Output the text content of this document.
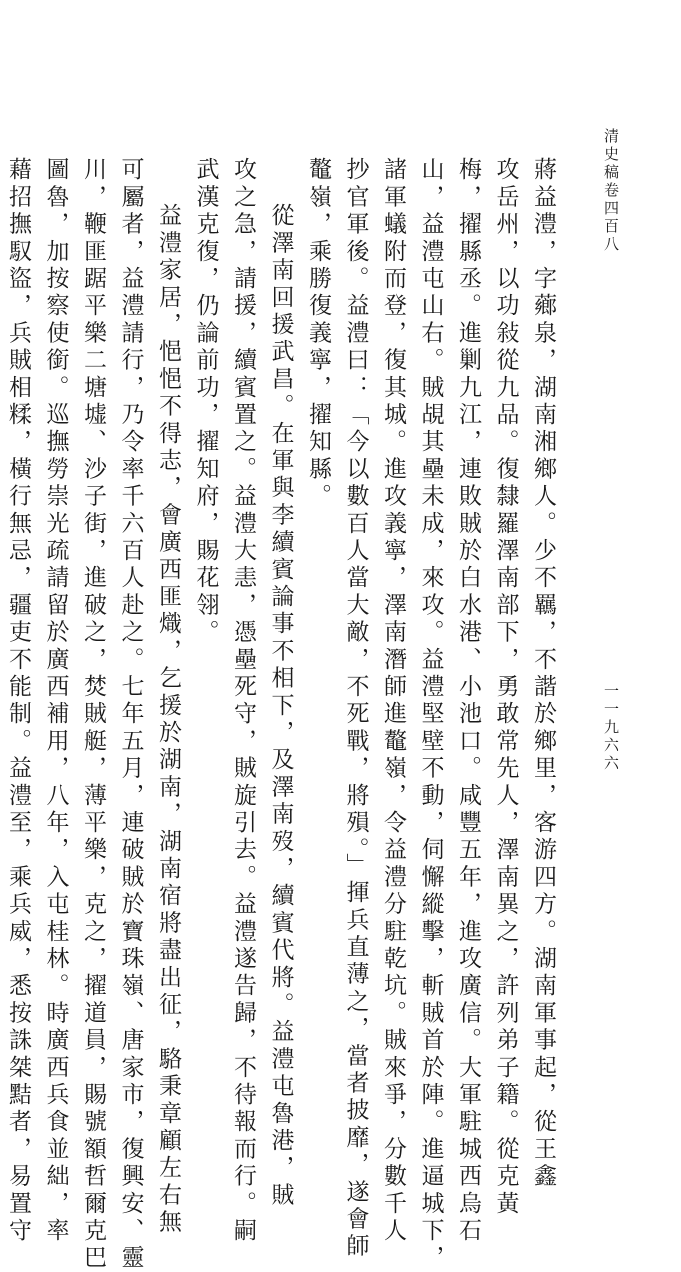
清史稿卷四百八
一一九六六
蔣益澧，字薌泉，湖南湘鄉人。少不羈，不諧於鄉里，客游四方。湖南軍事起，從王鑫
攻岳州，以功敍從九品。復隸羅澤南部下，勇敢常先人，澤南異之，許列弟子籍。從克黃
梅，擢縣丞。進剿九江，連敗賊於白水港、小池口。咸豐五年，進攻廣信。大軍駐城西烏石
山，益澧屯山右。賊覘其壘未成，來攻。益澧堅壁不動，伺懈縱擊，斬賊首於陣。進逼城下，
諸軍蟻附而登，復其城。進攻義寧，澤南潛師進鼇嶺，令益澧分駐乾坑。賊來爭，分數千人
抄官軍後。益澧曰：「今以數百人當大敵，不死戰，將殞。」揮兵直薄之，當者披靡，遂會師
鼇嶺，乘勝復義寧，擢知縣。
從澤南回援武昌。在軍與李續賓論事不相下，及澤南歿，續賓代將。益澧屯魯港，賊
攻之急，請援，續賓置之。益澧大恚，憑壘死守，賊旋引去。益澧遂告歸，不待報而行。嗣
武漢克復，仍論前功，擢知府，賜花翎。
益澧家居，悒悒不得志，會廣西匪熾，乞援於湖南，湖南宿將盡出征，駱秉章顧左右無
可屬者，益澧請行，乃令率千六百人赴之。七年五月，連破賊於寶珠嶺、唐家市，復興安、靈
川，鞭匪踞平樂二塘墟、沙子街，進破之，焚賊艇，薄平樂，克之，擢道員，賜號額哲爾克巴
圖魯，加按察使銜。巡撫勞崇光疏請留於廣西補用，八年，入屯桂林。時廣西兵食並絀，率
藉招撫馭盜，兵賊相糅，橫行無忌，疆吏不能制。益澧至，乘兵威，悉按誅桀黠者，易置守
